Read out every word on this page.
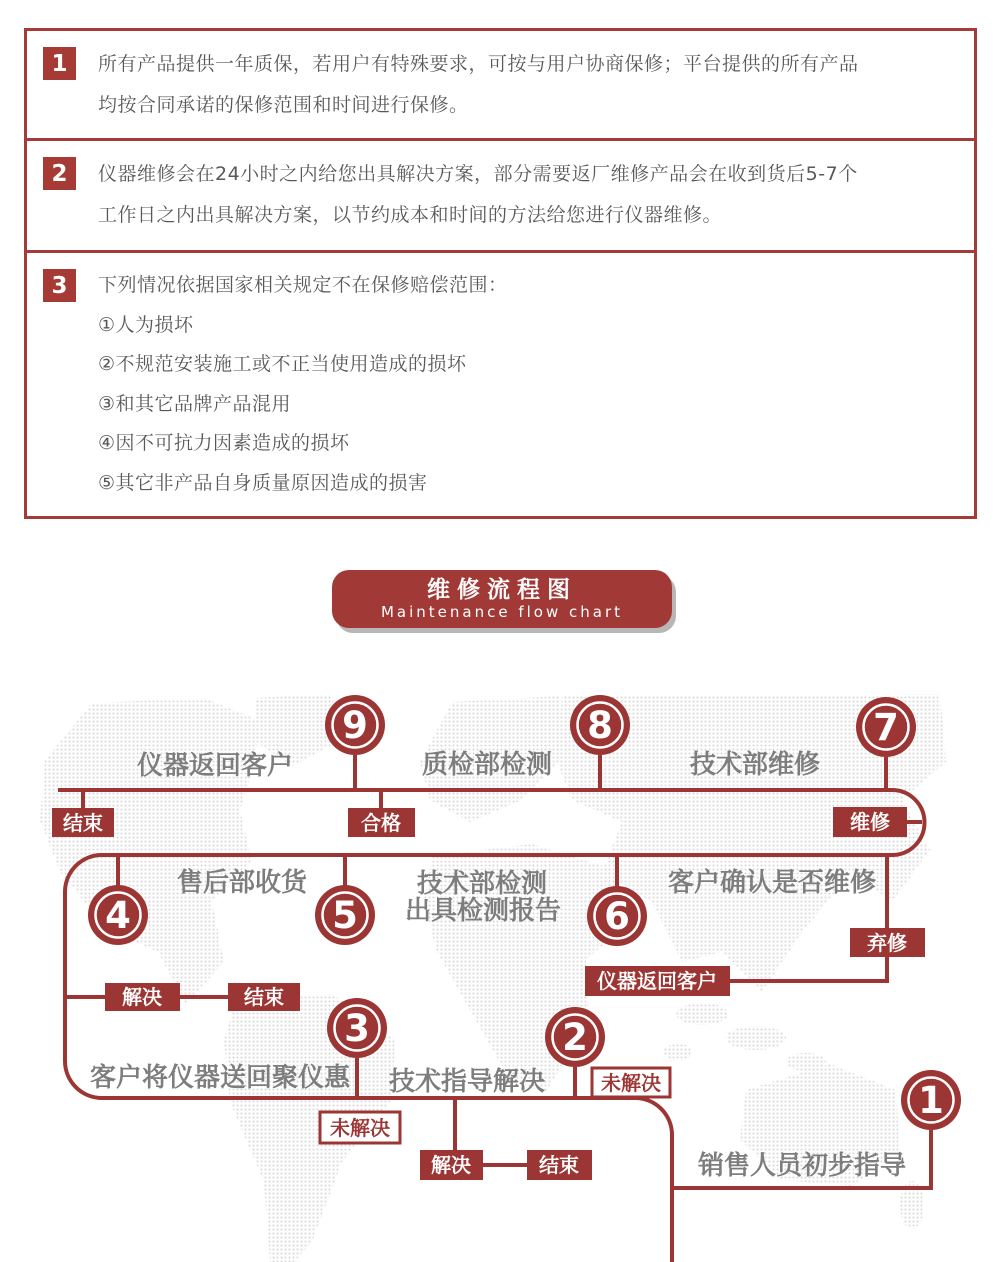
1	所有产品提供一年质保，若用户有特殊要求，可按与用户协商保修；平台提供的所有产品
均按合同承诺的保修范围和时间进行保修。
2	仪器维修会在24小时之内给您出具解决方案，部分需要返厂维修产品会在收到货后5-7个
工作日之内出具解决方案，以节约成本和时间的方法给您进行仪器维修。
3	下列情况依据国家相关规定不在保修赔偿范围：
①人为损坏
②不规范安装施工或不正当使用造成的损坏
③和其它品牌产品混用
④因不可抗力因素造成的损坏
⑤其它非产品自身质量原因造成的损害
维修流程图
Maintenance flow chart
结束	合格	维修
弃修
仪器返回客户
解决	结束
解决	结束
未解决
未解决
仪器返回客户	质检部检测	技术部维修
售后部收货	技术部检测
出具检测报告
客户确认是否维修
客户将仪器送回聚仪惠 技术指导解决
销售人员初步指导
9	8	7
4	5	6
3	2
1
